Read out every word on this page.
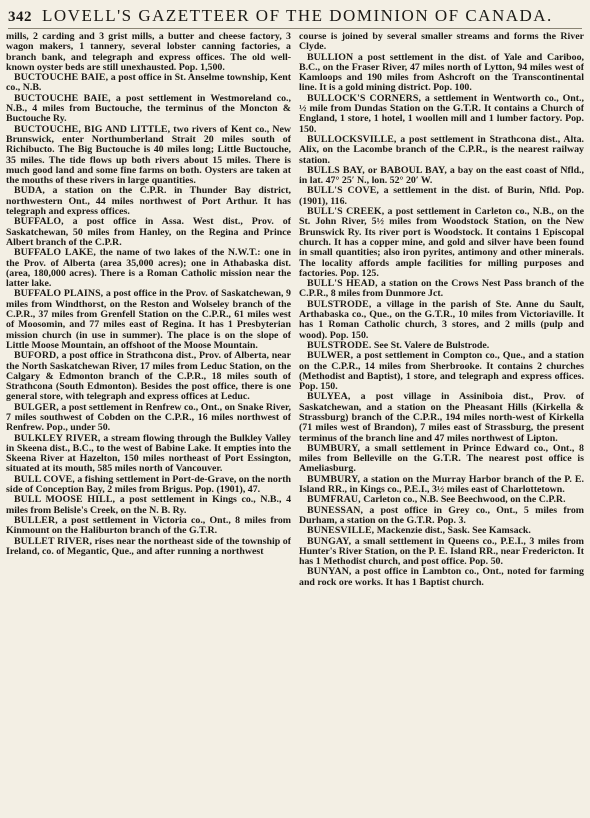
342 LOVELL'S GAZETTEER OF THE DOMINION OF CANADA.

mills, 2 carding and 3 grist mills, a butter and cheese factory, 3 wagon makers, 1 tannery, several lobster canning factories, a branch bank, and telegraph and express offices. The old well-known oyster beds are still unexhausted. Pop. 1,500.

BUCTOUCHE BAIE, a post office in St. Anselme township, Kent co., N.B.

BUCTOUCHE BAIE, a post settlement in Westmoreland co., N.B., 4 miles from Buctouche, the terminus of the Moncton & Buctouche Ry.

BUCTOUCHE, BIG AND LITTLE, two rivers of Kent co., New Brunswick, enter Northumberland Strait 20 miles south of Richibucto. The Big Buctouche is 40 miles long; Little Buctouche, 35 miles. The tide flows up both rivers about 15 miles. There is much good land and some fine farms on both. Oysters are taken at the mouths of these rivers in large quantities.

BUDA, a station on the C.P.R. in Thunder Bay district, northwestern Ont., 44 miles northwest of Port Arthur. It has telegraph and express offices.

BUFFALO, a post office in Assa. West dist., Prov. of Saskatchewan, 50 miles from Hanley, on the Regina and Prince Albert branch of the C.P.R.

BUFFALO LAKE, the name of two lakes of the N.W.T.: one in the Prov. of Alberta (area 35,000 acres); one in Athabaska dist. (area, 180,000 acres). There is a Roman Catholic mission near the latter lake.

BUFFALO PLAINS, a post office in the Prov. of Saskatchewan, 9 miles from Windthorst, on the Reston and Wolseley branch of the C.P.R., 37 miles from Grenfell Station on the C.P.R., 61 miles west of Moosomin, and 77 miles east of Regina. It has 1 Presbyterian mission church (in use in summer). The place is on the slope of Little Moose Mountain, an offshoot of the Moose Mountain.

BUFORD, a post office in Strathcona dist., Prov. of Alberta, near the North Saskatchewan River, 17 miles from Leduc Station, on the Calgary & Edmonton branch of the C.P.R., 18 miles south of Strathcona (South Edmonton). Besides the post office, there is one general store, with telegraph and express offices at Leduc.

BULGER, a post settlement in Renfrew co., Ont., on Snake River, 7 miles southwest of Cobden on the C.P.R., 16 miles northwest of Renfrew. Pop., under 50.

BULKLEY RIVER, a stream flowing through the Bulkley Valley in Skeena dist., B.C., to the west of Babine Lake. It empties into the Skeena River at Hazelton, 150 miles northeast of Port Essington, situated at its mouth, 585 miles north of Vancouver.

BULL COVE, a fishing settlement in Port-de-Grave, on the north side of Conception Bay, 2 miles from Brigus. Pop. (1901), 47.

BULL MOOSE HILL, a post settlement in Kings co., N.B., 4 miles from Belisle's Creek, on the N. B. Ry.

BULLER, a post settlement in Victoria co., Ont., 8 miles from Kinmount on the Haliburton branch of the G.T.R.

BULLET RIVER, rises near the northeast side of the township of Ireland, co. of Megantic, Que., and after running a northwest

course is joined by several smaller streams and forms the River Clyde.

BULLION a post settlement in the dist. of Yale and Cariboo, B.C., on the Fraser River, 47 miles north of Lytton, 94 miles west of Kamloops and 190 miles from Ashcroft on the Transcontinental line. It is a gold mining district. Pop. 100.

BULLOCK'S CORNERS, a settlement in Wentworth co., Ont., ½ mile from Dundas Station on the G.T.R. It contains a Church of England, 1 store, 1 hotel, 1 woollen mill and 1 lumber factory. Pop. 150.

BULLOCKSVILLE, a post settlement in Strathcona dist., Alta. Alix, on the Lacombe branch of the C.P.R., is the nearest railway station.

BULLS BAY, or BABOUL BAY, a bay on the east coast of Nfld., in lat. 47° 25′ N., lon. 52° 20′ W.

BULL'S COVE, a settlement in the dist. of Burin, Nfld. Pop. (1901), 116.

BULL'S CREEK, a post settlement in Carleton co., N.B., on the St. John River, 5½ miles from Woodstock Station, on the New Brunswick Ry. Its river port is Woodstock. It contains 1 Episcopal church. It has a copper mine, and gold and silver have been found in small quantities; also iron pyrites, antimony and other minerals. The locality affords ample facilities for milling purposes and factories. Pop. 125.

BULL'S HEAD, a station on the Crows Nest Pass branch of the C.P.R., 8 miles from Dunmore Jct.

BULSTRODE, a village in the parish of Ste. Anne du Sault, Arthabaska co., Que., on the G.T.R., 10 miles from Victoriaville. It has 1 Roman Catholic church, 3 stores, and 2 mills (pulp and wood). Pop. 150.

BULSTRODE. See St. Valere de Bulstrode.

BULWER, a post settlement in Compton co., Que., and a station on the C.P.R., 14 miles from Sherbrooke. It contains 2 churches (Methodist and Baptist), 1 store, and telegraph and express offices. Pop. 150.

BULYEA, a post village in Assiniboia dist., Prov. of Saskatchewan, and a station on the Pheasant Hills (Kirkella & Strassburg) branch of the C.P.R., 194 miles north-west of Kirkella (71 miles west of Brandon), 7 miles east of Strassburg, the present terminus of the branch line and 47 miles northwest of Lipton.

BUMBURY, a small settlement in Prince Edward co., Ont., 8 miles from Belleville on the G.T.R. The nearest post office is Ameliasburg.

BUMBURY, a station on the Murray Harbor branch of the P. E. Island RR., in Kings co., P.E.I., 3½ miles east of Charlottetown.

BUMFRAU, Carleton co., N.B. See Beechwood, on the C.P.R.

BUNESSAN, a post office in Grey co., Ont., 5 miles from Durham, a station on the G.T.R. Pop. 3.

BUNESVILLE, Mackenzie dist., Sask. See Kamsack.

BUNGAY, a small settlement in Queens co., P.E.I., 3 miles from Hunter's River Station, on the P. E. Island RR., near Fredericton. It has 1 Methodist church, and post office. Pop. 50.

BUNYAN, a post office in Lambton co., Ont., noted for farming and rock ore works. It has 1 Baptist church.
